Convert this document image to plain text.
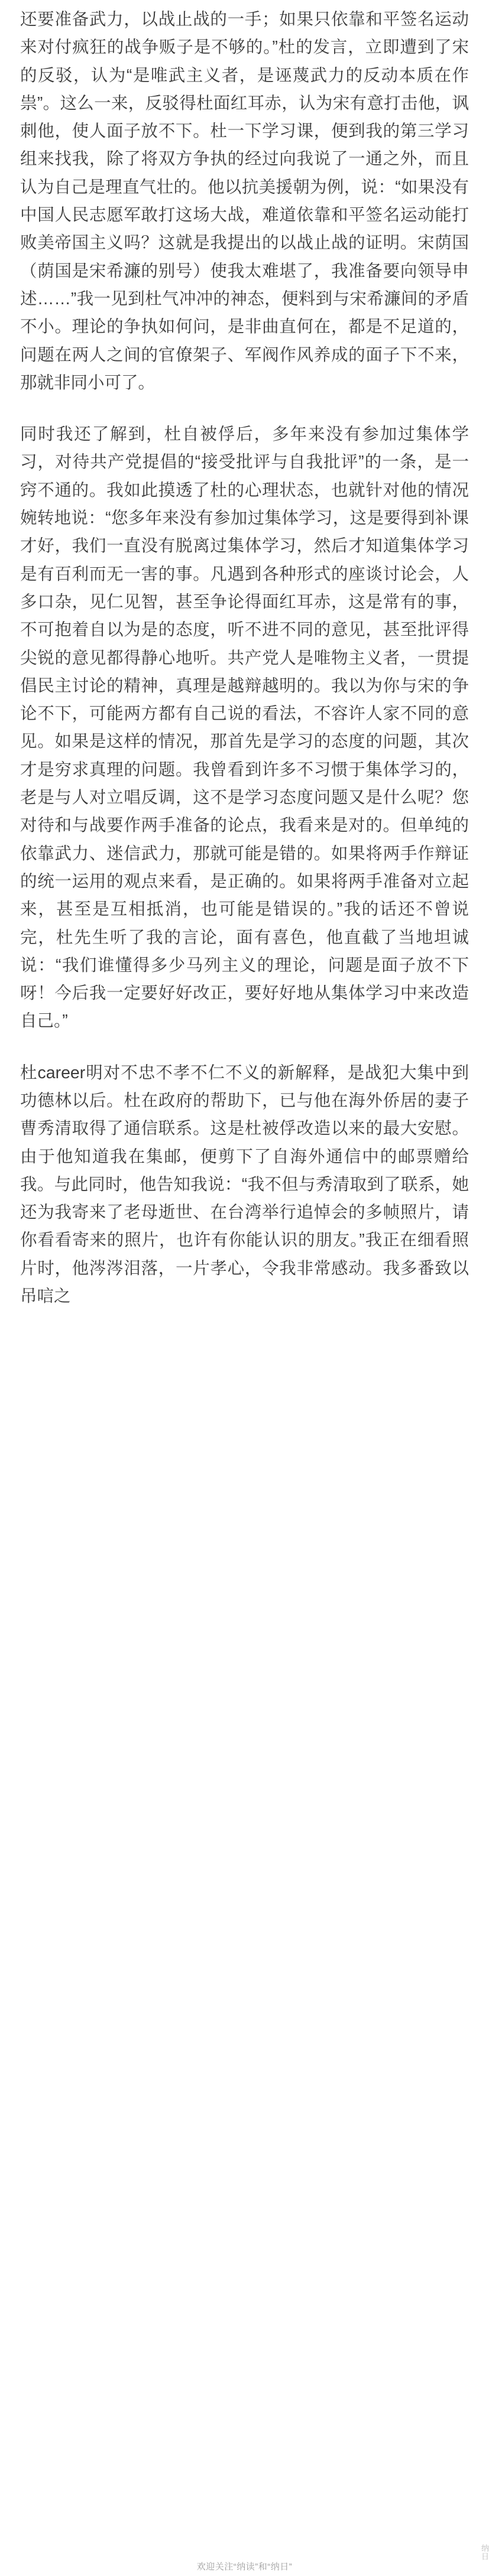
还要准备武力，以战止战的一手；如果只依靠和平签名运动来对付疯狂的战争贩子是不够的。”杜的发言，立即遭到了宋的反驳，认为“是唯武主义者，是诬蔑武力的反动本质在作祟”。这么一来，反驳得杜面红耳赤，认为宋有意打击他，讽刺他，使人面子放不下。杜一下学习课，便到我的第三学习组来找我，除了将双方争执的经过向我说了一通之外，而且认为自己是理直气壮的。他以抗美援朝为例，说：“如果没有中国人民志愿军敢打这场大战，难道依靠和平签名运动能打败美帝国主义吗？这就是我提出的以战止战的证明。宋荫国（荫国是宋希濂的别号）使我太难堪了，我准备要向领导申述……”我一见到杜气冲冲的神态，便料到与宋希濂间的矛盾不小。理论的争执如何问，是非曲直何在，都是不足道的，问题在两人之间的官僚架子、军阀作风养成的面子下不来，那就非同小可了。

同时我还了解到，杜自被俘后，多年来没有参加过集体学习，对待共产党提倡的“接受批评与自我批评”的一条，是一窍不通的。我如此摸透了杜的心理状态，也就针对他的情况婉转地说：“您多年来没有参加过集体学习，这是要得到补课才好，我们一直没有脱离过集体学习，然后才知道集体学习是有百利而无一害的事。凡遇到各种形式的座谈讨论会，人多口杂，见仁见智，甚至争论得面红耳赤，这是常有的事，不可抱着自以为是的态度，听不进不同的意见，甚至批评得尖锐的意见都得静心地听。共产党人是唯物主义者，一贯提倡民主讨论的精神，真理是越辩越明的。我以为你与宋的争论不下，可能两方都有自己说的看法，不容许人家不同的意见。如果是这样的情况，那首先是学习的态度的问题，其次才是穷求真理的问题。我曾看到许多不习惯于集体学习的，老是与人对立唱反调，这不是学习态度问题又是什么呢？您对待和与战要作两手准备的论点，我看来是对的。但单纯的依靠武力、迷信武力，那就可能是错的。如果将两手作辩证的统一运用的观点来看，是正确的。如果将两手准备对立起来，甚至是互相抵消，也可能是错误的。”我的话还不曾说完，杜先生听了我的言论，面有喜色，他直截了当地坦诚说：“我们谁懂得多少马列主义的理论，问题是面子放不下呀！今后我一定要好好改正，要好好地从集体学习中来改造自己。”

杜career明对不忠不孝不仁不义的新解释，是战犯大集中到功德林以后。杜在政府的帮助下，已与他在海外侨居的妻子曹秀清取得了通信联系。这是杜被俘改造以来的最大安慰。由于他知道我在集邮，便剪下了自海外通信中的邮票赠给我。与此同时，他告知我说：“我不但与秀清取到了联系，她还为我寄来了老母逝世、在台湾举行追悼会的多帧照片，请你看看寄来的照片，也许有你能认识的朋友。”我正在细看照片时，他涔涔泪落，一片孝心，令我非常感动。我多番致以吊唁之

欢迎关注“纳读”和“纳日”
纳日
